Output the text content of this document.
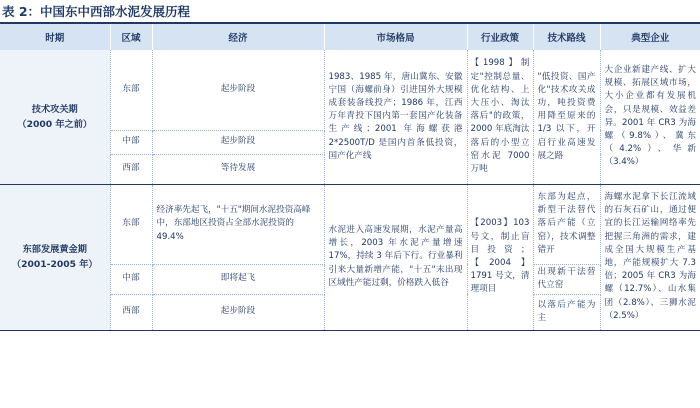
表 2：中国东中西部水泥发展历程
时期	区域	经济	市场格局	行业政策	技术路线	典型企业

技术攻关期
（2000 年之前）	东部	起步阶段	1983、1985 年，唐山冀东、安徽宁国（海螺前身）引进国外大规模成套装备线投产；1986 年，江西万年青投下国内第一套国产化装备生产线；2001 年海螺获港 2*2500T/D 是国内首条低投资，国产化产线	【1998】制定"控制总量、优化结构、上大压小、淘汰落后"的政策，2000 年底淘汰落后的小型立窑水泥 7000 万吨	"低投资、国产化"技术攻关成功，吨投资费用降至原来的 1/3 以下，开启行业高速发展之路	大企业新建产线、扩大规模、拓展区域市场，大小企业都有发展机会，只是规模、效益差异。2001 年 CR3 为海螺（9.8%）、冀东（4.2%）、华新（3.4%）
	中部	起步阶段				
	西部	等待发展				

东部发展黄金期
（2001-2005 年）	东部	经济率先起飞，"十五"期间水泥投资高峰中，东部地区投资占全部水泥投资的 49.4%	水泥进入高速发展期，水泥产量高增长，2003 年水泥产量增速 17%，持续 3 年后下行。行业暴利引来大量新增产能，"十五"末出现区域性产能过剩，价格跌入低谷	【2003】103 号文，制止盲目投资；【2004】1791 号文，清理项目	东部为起点，新型干法替代落后产能（立窑），技术调整错开	海螺水泥拿下长江流域的石灰石矿山，通过便宜的长江运输网络率先把握三角洲的需求，建成全国大规模生产基地，产能规模扩大 7.3 倍；2005 年 CR3 为海螺（12.7%）、山水集团（2.8%）、三狮水泥（2.5%）
	中部	即将起飞			出现新干法替代立窑	
	西部	起步阶段			以落后产能为主	
